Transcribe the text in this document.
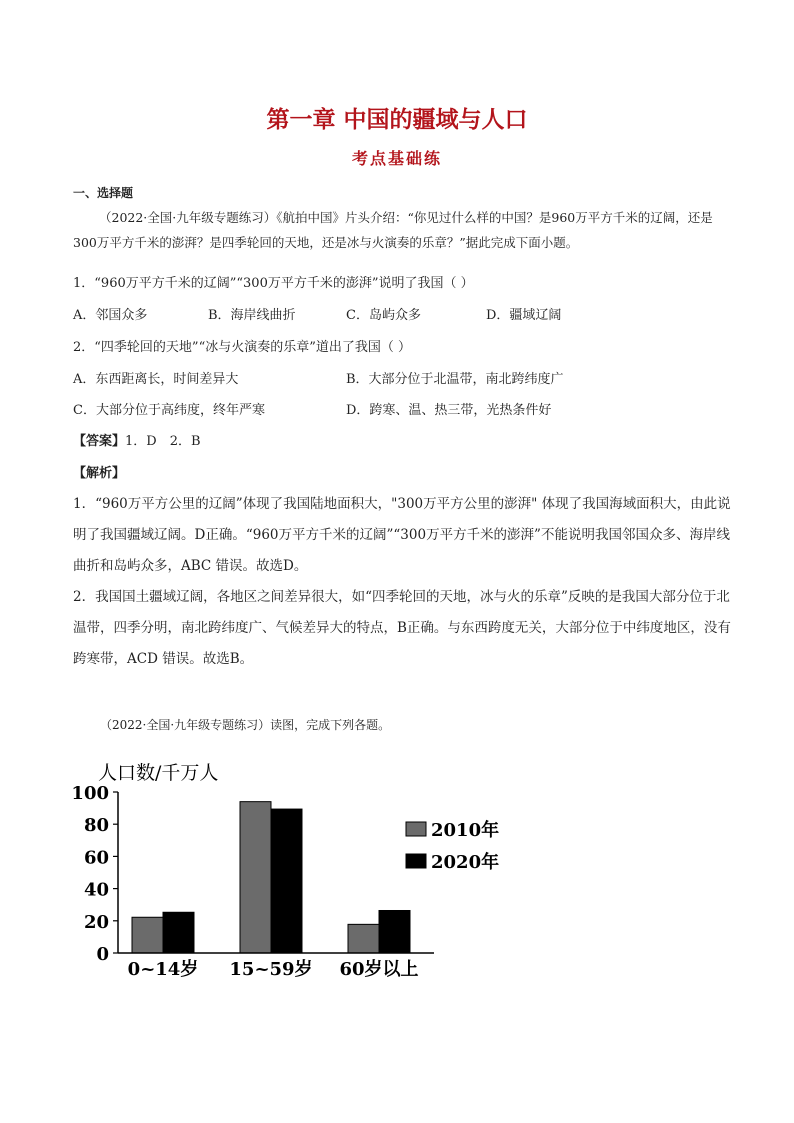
第一章 中国的疆域与人口
考点基础练
一、选择题

（2022·全国·九年级专题练习）《航拍中国》片头介绍：“你见过什么样的中国？是960万平方千米的辽阔，还是300万平方千米的澎湃？是四季轮回的天地，还是冰与火演奏的乐章？”据此完成下面小题。

1．“960万平方千米的辽阔”“300万平方千米的澎湃”说明了我国（ ）
A．邻国众多	B．海岸线曲折	C．岛屿众多	D．疆域辽阔
2．“四季轮回的天地”“冰与火演奏的乐章”道出了我国（ ）
A．东西距离长，时间差异大	B．大部分位于北温带，南北跨纬度广
C．大部分位于高纬度，终年严寒	D．跨寒、温、热三带，光热条件好
【答案】1．D　2．B
【解析】

1．“960万平方公里的辽阔”体现了我国陆地面积大，"300万平方公里的澎湃" 体现了我国海域面积大，由此说明了我国疆域辽阔。D正确。“960万平方千米的辽阔”“300万平方千米的澎湃”不能说明我国邻国众多、海岸线曲折和岛屿众多，ABC 错误。故选D。

2．我国国土疆域辽阔，各地区之间差异很大，如“四季轮回的天地，冰与火的乐章”反映的是我国大部分位于北温带，四季分明，南北跨纬度广、气候差异大的特点，B正确。与东西跨度无关，大部分位于中纬度地区，没有跨寒带，ACD 错误。故选B。

（2022·全国·九年级专题练习）读图，完成下列各题。
人口数/千万人
0
20
40
60
80
100
0~14岁 15~59岁 60岁以上
2010年
2020年
